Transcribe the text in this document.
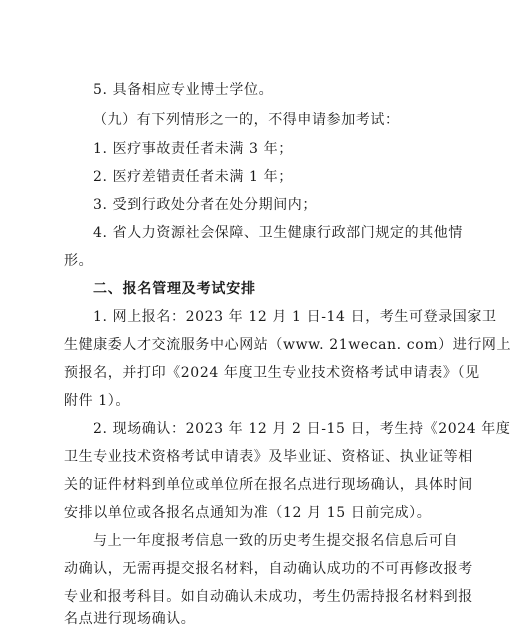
5. 具备相应专业博士学位。
（九）有下列情形之一的，不得申请参加考试：
1. 医疗事故责任者未满 3 年；
2. 医疗差错责任者未满 1 年；
3. 受到行政处分者在处分期间内；
4. 省人力资源社会保障、卫生健康行政部门规定的其他情
形。
二、报名管理及考试安排
1. 网上报名：2023 年 12 月 1 日-14 日，考生可登录国家卫
生健康委人才交流服务中心网站（www. 21wecan. com）进行网上
预报名，并打印《2024 年度卫生专业技术资格考试申请表》（见
附件 1）。
2. 现场确认：2023 年 12 月 2 日-15 日，考生持《2024 年度
卫生专业技术资格考试申请表》及毕业证、资格证、执业证等相
关的证件材料到单位或单位所在报名点进行现场确认，具体时间
安排以单位或各报名点通知为准（12 月 15 日前完成）。
与上一年度报考信息一致的历史考生提交报名信息后可自
动确认，无需再提交报名材料，自动确认成功的不可再修改报考
专业和报考科目。如自动确认未成功，考生仍需持报名材料到报
名点进行现场确认。
